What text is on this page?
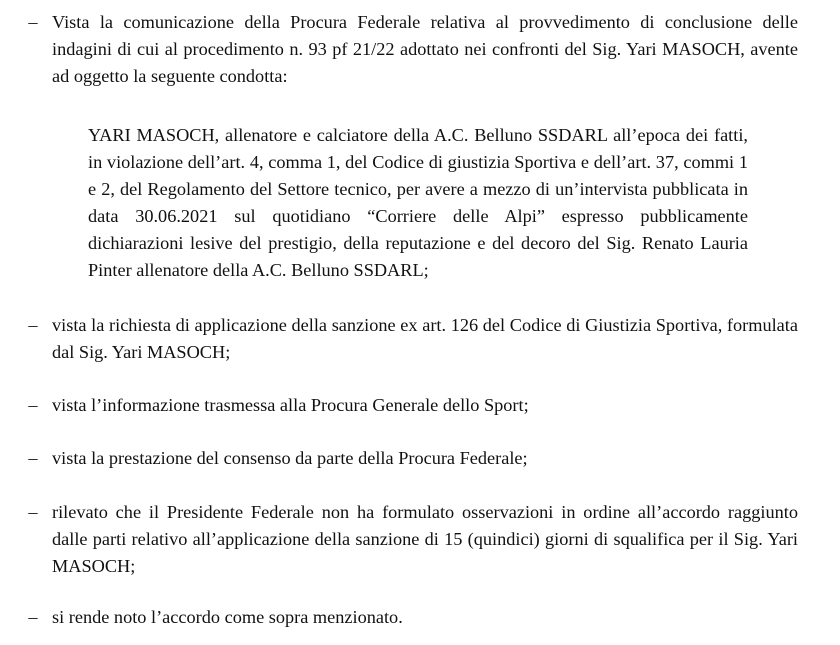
– Vista la comunicazione della Procura Federale relativa al provvedimento di conclusione delle indagini di cui al procedimento n. 93 pf 21/22 adottato nei confronti del Sig. Yari MASOCH, avente ad oggetto la seguente condotta:
YARI MASOCH, allenatore e calciatore della A.C. Belluno SSDARL all’epoca dei fatti, in violazione dell’art. 4, comma 1, del Codice di giustizia Sportiva e dell’art. 37, commi 1 e 2, del Regolamento del Settore tecnico, per avere a mezzo di un’intervista pubblicata in data 30.06.2021 sul quotidiano “Corriere delle Alpi” espresso pubblicamente dichiarazioni lesive del prestigio, della reputazione e del decoro del Sig. Renato Lauria Pinter allenatore della A.C. Belluno SSDARL;
– vista la richiesta di applicazione della sanzione ex art. 126 del Codice di Giustizia Sportiva, formulata dal Sig. Yari MASOCH;
– vista l’informazione trasmessa alla Procura Generale dello Sport;
– vista la prestazione del consenso da parte della Procura Federale;
– rilevato che il Presidente Federale non ha formulato osservazioni in ordine all’accordo raggiunto dalle parti relativo all’applicazione della sanzione di 15 (quindici) giorni di squalifica per il Sig. Yari MASOCH;
– si rende noto l’accordo come sopra menzionato.
